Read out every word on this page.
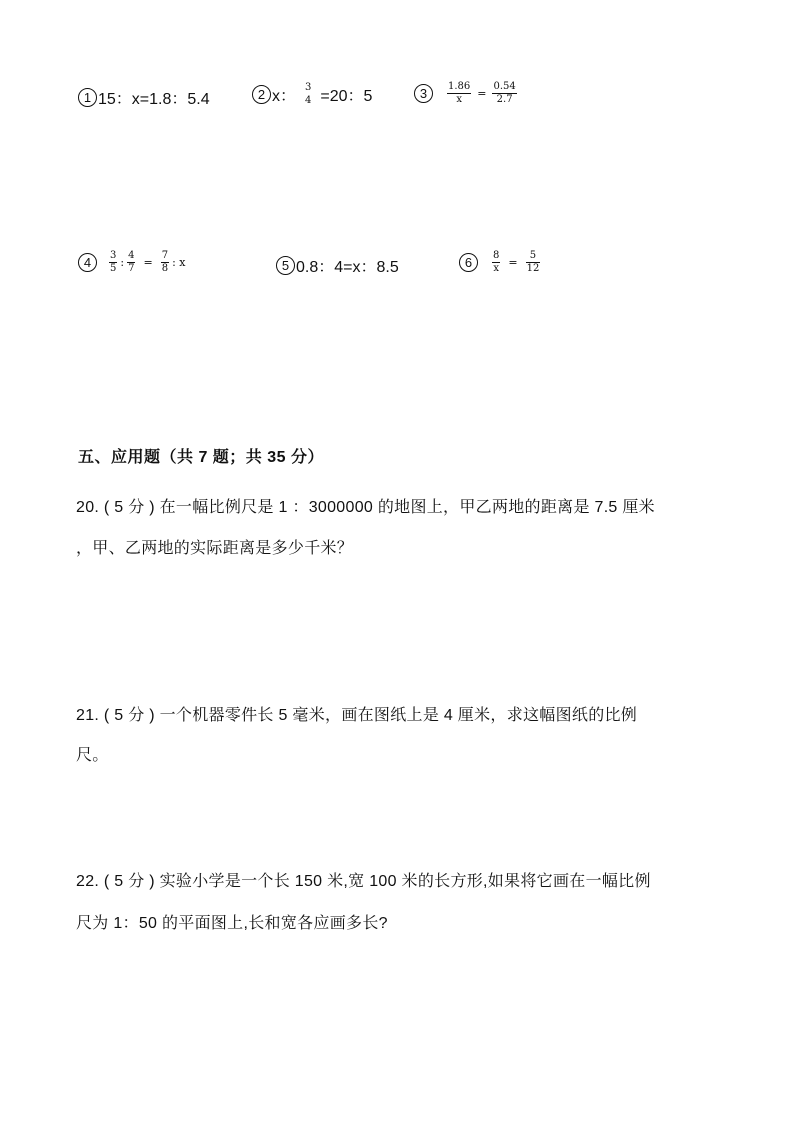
1 15：x=1.8：5.4	2 x：
3
4 =20：5	3	$\frac{1.86}{x} = \frac{0.54}{2.7}$
4	$\frac{3}{5}$ : $\frac{4}{7} = \frac{7}{8}$ : x	5 0.8：4=x：8.5	6	$\frac{8}{x} = \frac{5}{12}$
五、应用题（共 7 题；共 35 分）
20. ( 5 分 ) 在一幅比例尺是 1 ：3000000 的地图上，甲乙两地的距离是 7.5 厘米
，甲、乙两地的实际距离是多少千米？
21. ( 5 分 ) 一个机器零件长 5 毫米，画在图纸上是 4 厘米，求这幅图纸的比例
尺。
22. ( 5 分 ) 实验小学是一个长 150 米,宽 100 米的长方形,如果将它画在一幅比例
尺为 1：50 的平面图上,长和宽各应画多长?
